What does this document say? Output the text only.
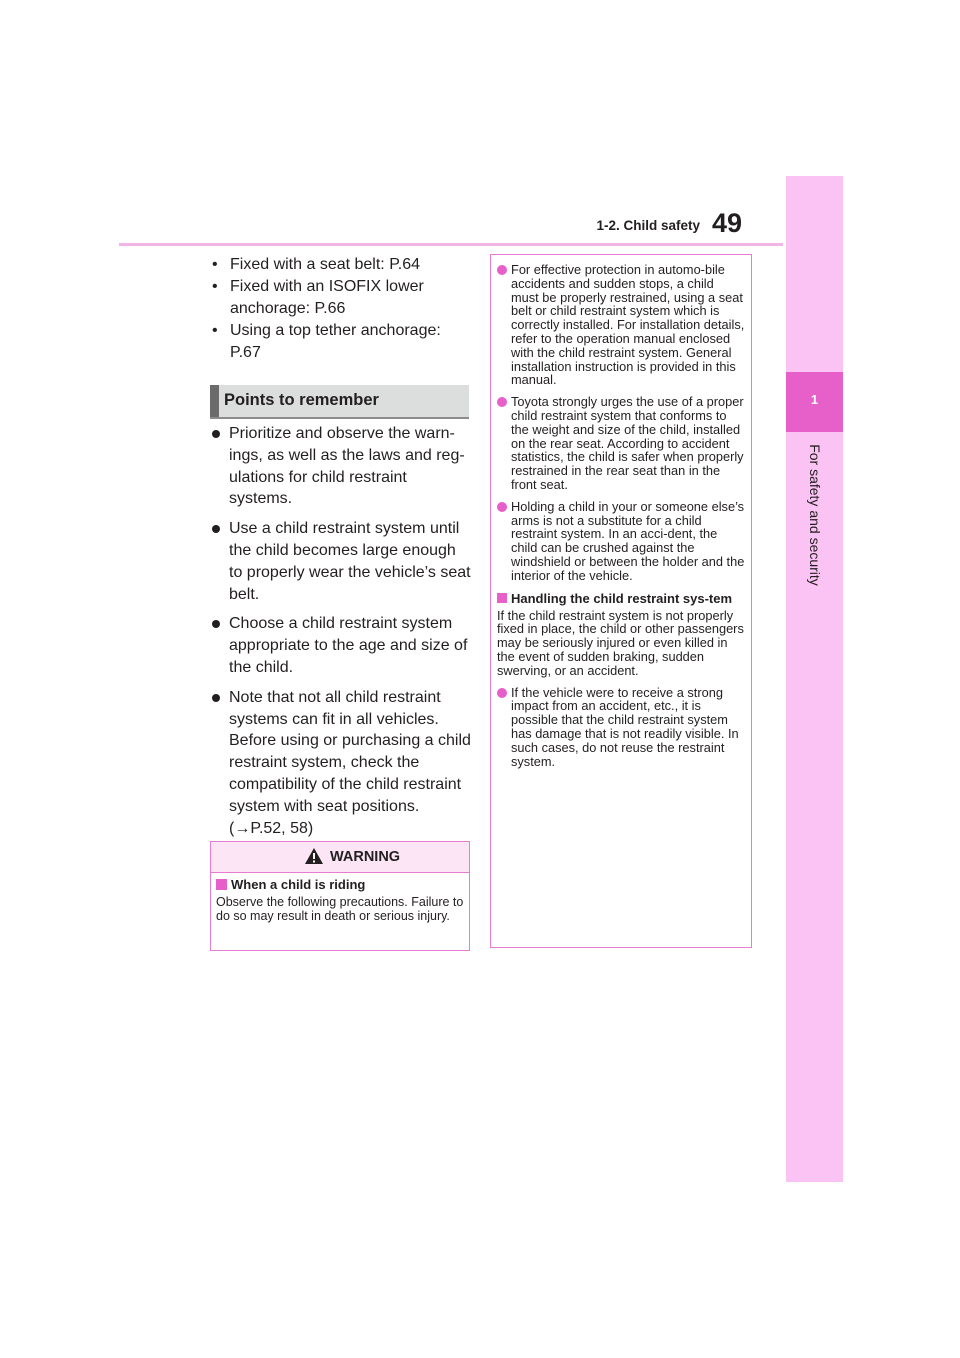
1-2. Child safety 49
1
For safety and security
• Fixed with a seat belt: P.64
• Fixed with an ISOFIX lower anchorage: P.66
• Using a top tether anchorage: P.67
Points to remember
Prioritize and observe the warn-ings, as well as the laws and reg-ulations for child restraint systems.
Use a child restraint system until the child becomes large enough to properly wear the vehicle’s seat belt.
Choose a child restraint system appropriate to the age and size of the child.
Note that not all child restraint systems can fit in all vehicles. Before using or purchasing a child restraint system, check the compatibility of the child restraint system with seat positions. (→P.52, 58)
WARNING
When a child is riding
Observe the following precautions. Failure to do so may result in death or serious injury.
For effective protection in automo-bile accidents and sudden stops, a child must be properly restrained, using a seat belt or child restraint system which is correctly installed. For installation details, refer to the operation manual enclosed with the child restraint system. General installation instruction is provided in this manual.
Toyota strongly urges the use of a proper child restraint system that conforms to the weight and size of the child, installed on the rear seat. According to accident statistics, the child is safer when properly restrained in the rear seat than in the front seat.
Holding a child in your or someone else’s arms is not a substitute for a child restraint system. In an acci-dent, the child can be crushed against the windshield or between the holder and the interior of the vehicle.
Handling the child restraint sys-tem
If the child restraint system is not properly fixed in place, the child or other passengers may be seriously injured or even killed in the event of sudden braking, sudden swerving, or an accident.
If the vehicle were to receive a strong impact from an accident, etc., it is possible that the child restraint system has damage that is not readily visible. In such cases, do not reuse the restraint system.
